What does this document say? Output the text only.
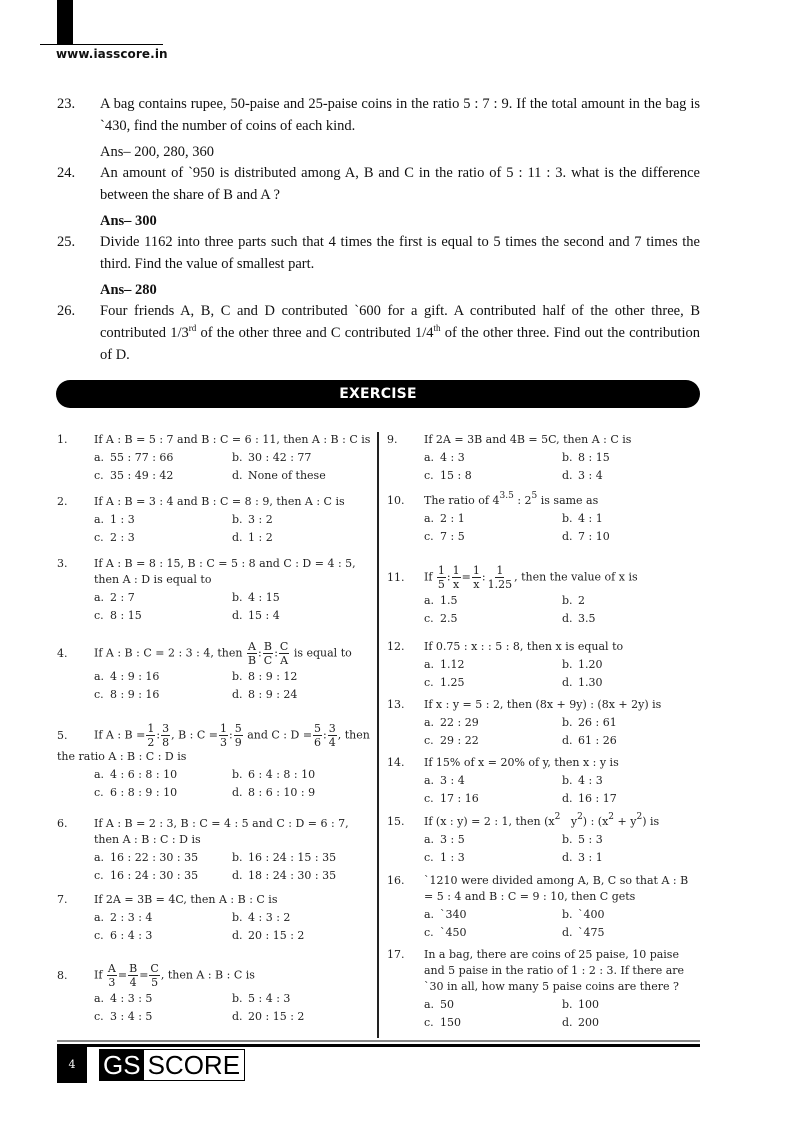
www.iasscore.in
23.	A bag contains rupee, 50-paise and 25-paise coins in the ratio 5 : 7 : 9. If the total amount in the bag is `430, find the number of coins of each kind.
Ans– 200, 280, 360
24.	An amount of `950 is distributed among A, B and C in the ratio of 5 : 11 : 3. what is the difference between the share of B and A ?
Ans– 300
25.	Divide 1162 into three parts such that 4 times the first is equal to 5 times the second and 7 times the third. Find the value of smallest part.
Ans– 280
26.	Four friends A, B, C and D contributed `600 for a gift. A contributed half of the other three, B contributed 1/3rd of the other three and C contributed 1/4th of the other three. Find out the contribution of D.
EXERCISE
1.	If A : B = 5 : 7 and B : C = 6 : 11, then A : B : C is
a. 55 : 77 : 66	b. 30 : 42 : 77
c. 35 : 49 : 42	d. None of these
2.	If A : B = 3 : 4 and B : C = 8 : 9, then A : C is
a. 1 : 3	b. 3 : 2
c. 2 : 3	d. 1 : 2
3.	If A : B = 8 : 15, B : C = 5 : 8 and C : D = 4 : 5, then A : D is equal to
a. 2 : 7	b. 4 : 15
c. 8 : 15	d. 15 : 4
4.	If A : B : C = 2 : 3 : 4, then $\frac{A}{B}$ : $\frac{B}{C}$ : $\frac{C}{A}$ is equal to
a. 4 : 9 : 16	b. 8 : 9 : 12
c. 8 : 9 : 16	d. 8 : 9 : 24
5.	If A : $B = \frac{1}{2}$ : $\frac{3}{8}$ , B : $C = \frac{1}{3}$ : $\frac{5}{9}$ and C : $D = \frac{5}{6}$ : $\frac{3}{4}$ , then
the ratio A : B : C : D is
a. 4 : 6 : 8 : 10	b. 6 : 4 : 8 : 10
c. 6 : 8 : 9 : 10	d. 8 : 6 : 10 : 9
6.	If A : B = 2 : 3, B : C = 4 : 5 and C : D = 6 : 7, then A : B : C : D is
a. 16 : 22 : 30 : 35	b. 16 : 24 : 15 : 35
c. 16 : 24 : 30 : 35	d. 18 : 24 : 30 : 35
7.	If 2A = 3B = 4C, then A : B : C is
a. 2 : 3 : 4	b. 4 : 3 : 2
c. 6 : 4 : 3	d. 20 : 15 : 2
8.	If $\frac{A}{3} = \frac{B}{4} = \frac{C}{5}$ , then A : B : C is
a. 4 : 3 : 5	b. 5 : 4 : 3
c. 3 : 4 : 5	d. 20 : 15 : 2
9.	If 2A = 3B and 4B = 5C, then A : C is
a. 4 : 3	b. 8 : 15
c. 15 : 8	d. 3 : 4
10.	The ratio of $4^{3.5}$ : $2^5$ is same as
a. 2 : 1	b. 4 : 1
c. 7 : 5	d. 7 : 10
11.	If $\frac{1}{5}$ : $\frac{1}{x} = \frac{1}{x}$ : $\frac{1}{1.25}$ , then the value of x is
a. 1.5	b. 2
c. 2.5	d. 3.5
12.	If 0.75 : x : : 5 : 8, then x is equal to
a. 1.12	b. 1.20
c. 1.25	d. 1.30
13.	If x : y = 5 : 2, then (8x + 9y) : (8x + 2y) is
a. 22 : 29	b. 26 : 61
c. 29 : 22	d. 61 : 26
14.	If 15% of x = 20% of y, then x : y is
a. 3 : 4	b. 4 : 3
c. 17 : 16	d. 16 : 17
15.	If (x : y) = 2 : 1, then ($x^2$   $y^2$) : $(x^2 + y^2)$ is
a. 3 : 5	b. 5 : 3
c. 1 : 3	d. 3 : 1
16.	`1210 were divided among A, B, C so that A : B = 5 : 4 and B : C = 9 : 10, then C gets
a. `340	b. `400
c. `450	d. `475
17.	In a bag, there are coins of 25 paise, 10 paise and 5 paise in the ratio of 1 : 2 : 3. If there are `30 in all, how many 5 paise coins are there ?
a. 50	b. 100
c. 150	d. 200
4	GS SCORE
